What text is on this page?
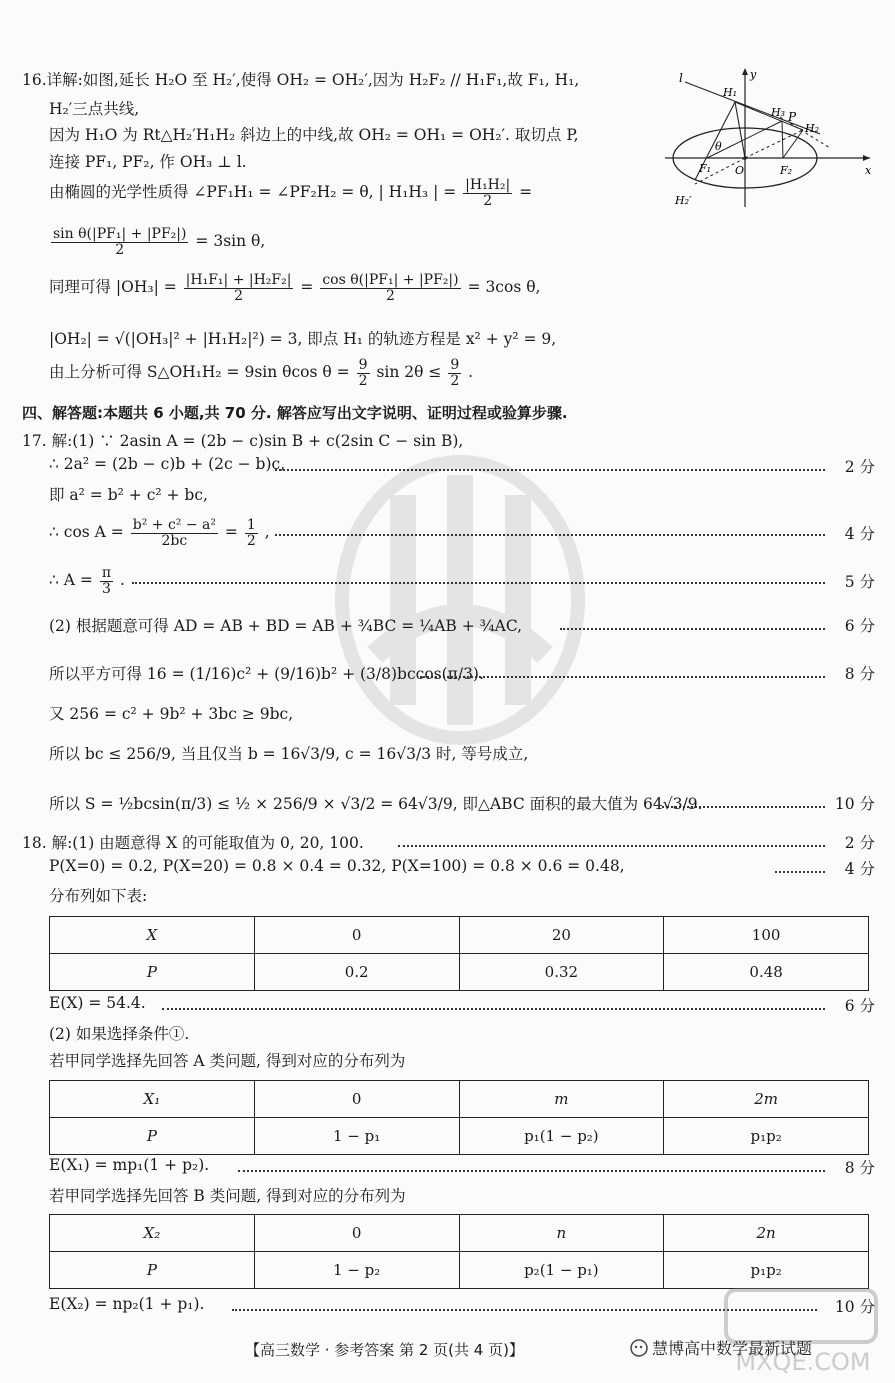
16.详解:如图,延长 H₂O 至 H₂′,使得 OH₂ = OH₂′,因为 H₂F₂ // H₁F₁,故 F₁, H₁,
H₂′三点共线,
因为 H₁O 为 Rt△H₂′H₁H₂ 斜边上的中线,故 OH₂ = OH₁ = OH₂′. 取切点 P,
连接 PF₁, PF₂, 作 OH₃ ⊥ l.
由椭圆的光学性质得 ∠PF₁H₁ = ∠PF₂H₂ = θ, | H₁H₃ | = $\frac{\text{|H₁H₂|}}{2}$ =
$\frac{\text{sin θ(|PF₁| + |PF₂|)}}{2} = 3\sin$ θ,
同理可得 $|OH_3| = \frac{\text{|H₁F₁| + |H₂F₂|}}{2} = \frac{\text{cos θ(|PF₁| + |PF₂|)}}{2} = 3\cos$ θ,
|OH₂| = √(|OH₃|² + |H₁H₂|²) = 3, 即点 H₁ 的轨迹方程是 x² + y² = 9,
由上分析可得 S△OH₁H₂ = 9sin θcos $\theta = \frac{9}{2}$ $\sin 2\theta \le \frac{9}{2}$ .
l	y
H₁
H₃ P
H₂
θ
F₁ O	F₂	x
H₂′
四、解答题:本题共 6 小题,共 70 分. 解答应写出文字说明、证明过程或验算步骤.
17. 解:(1) ∵ 2asin A = (2b − c)sin B + c(2sin C − sin B),
∴ 2a² = (2b − c)b + (2c − b)c,	2 分
即 a² = b² + c² + bc,
∴ $\cos A = \frac{\text{b² + c² − a²}}{2bc} = \frac{1}{2}$ ,	4 分
∴ $A = \frac{\pi}{3}$ .	5 分
(2) 根据题意可得 AD = AB + BD = AB + ¾BC = ¼AB + ¾AC,	6 分
所以平方可得 16 = (1/16)c² + (9/16)b² + (3/8)bccos(π/3).	8 分
又 256 = c² + 9b² + 3bc ≥ 9bc,
所以 bc ≤ 256/9, 当且仅当 b = 16√3/9, c = 16√3/3 时, 等号成立,
所以 S = ½bcsin(π/3) ≤ ½ × 256/9 × √3/2 = 64√3/9, 即△ABC 面积的最大值为 64√3/9.	10 分
18. 解:(1) 由题意得 X 的可能取值为 0, 20, 100.	2 分
P(X=0) = 0.2, P(X=20) = 0.8 × 0.4 = 0.32, P(X=100) = 0.8 × 0.6 = 0.48,	4 分
分布列如下表:
X	0	20	100
P	0.2	0.32	0.48
E(X) = 54.4.	6 分
(2) 如果选择条件①.
若甲同学选择先回答 A 类问题, 得到对应的分布列为
X₁	0	m	2m
P	1 − p₁	p₁(1 − p₂)	p₁p₂
E(X₁) = mp₁(1 + p₂).	8 分
若甲同学选择先回答 B 类问题, 得到对应的分布列为
X₂	0	n	2n
P	1 − p₂	p₂(1 − p₁)	p₁p₂
E(X₂) = np₂(1 + p₁).	10 分
MXQE.COM
【高三数学 · 参考答案 第 2 页(共 4 页)】	慧博高中数学最新试题
